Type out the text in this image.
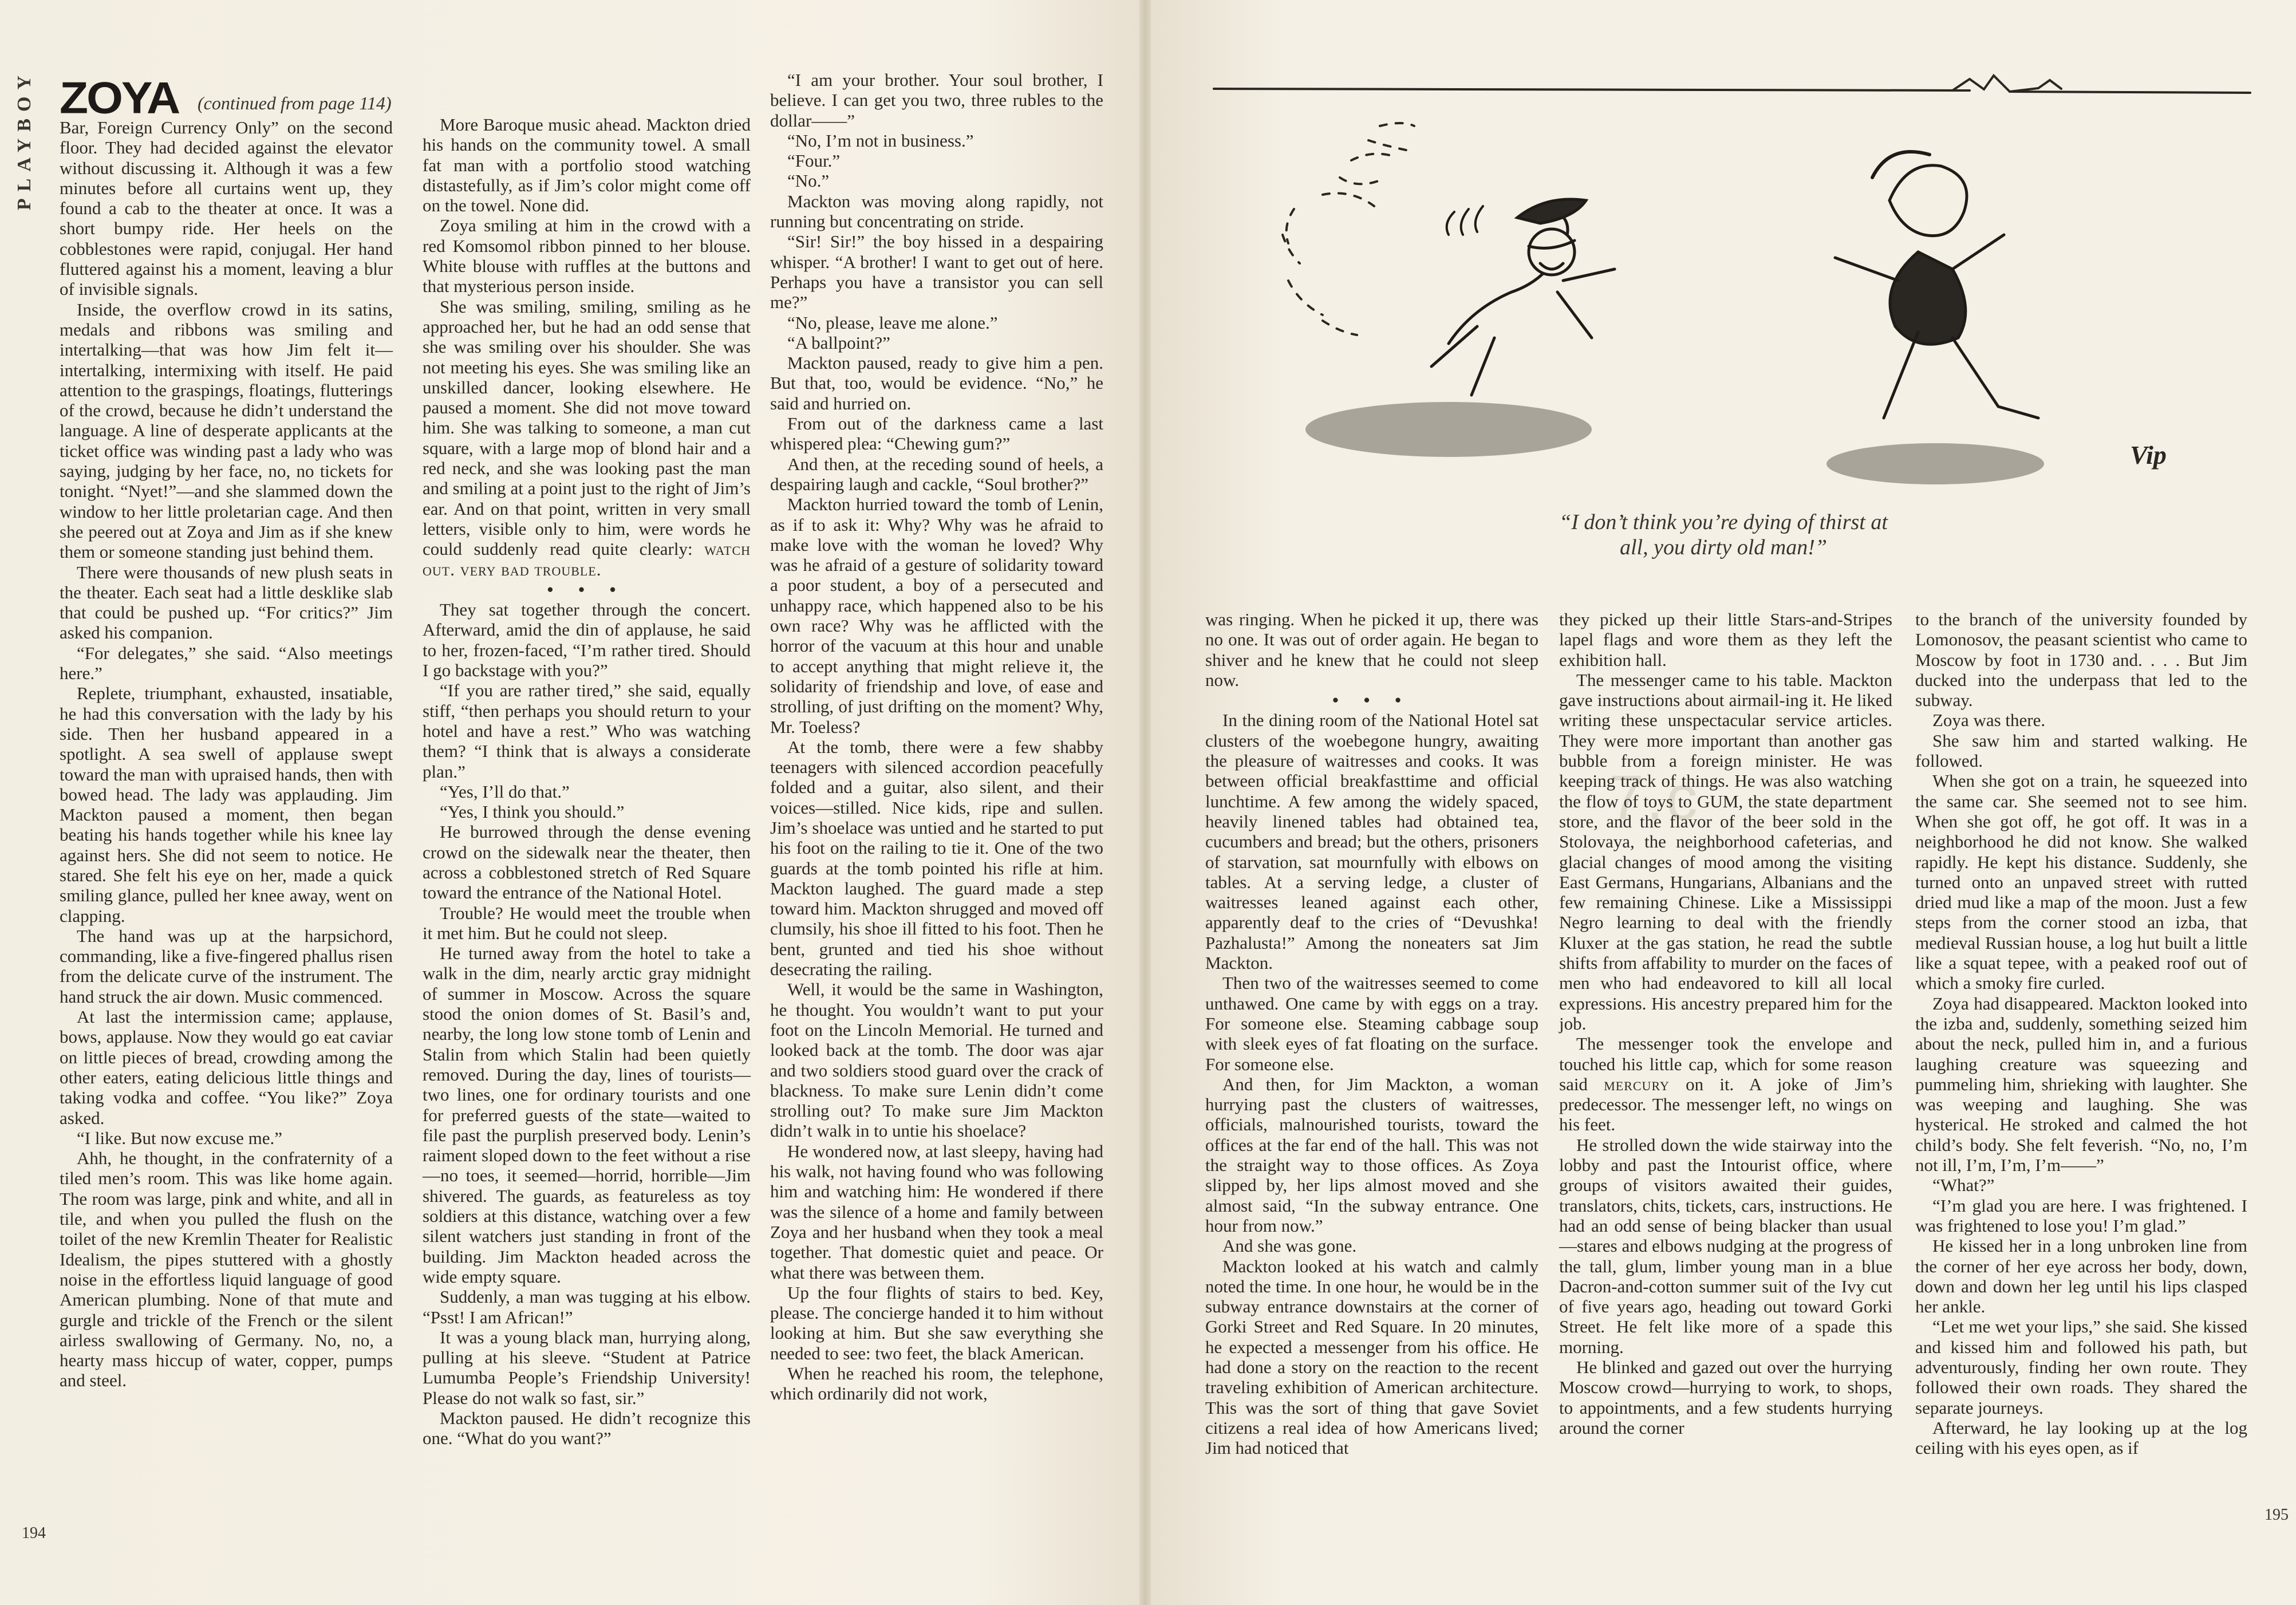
PLAYBOY ZOYA (continued from page 114)

Bar, Foreign Currency Only” on the second floor. They had decided against the elevator without discussing it. Although it was a few minutes before all curtains went up, they found a cab to the theater at once. It was a short bumpy ride. Her heels on the cobblestones were rapid, conjugal. Her hand fluttered against his a moment, leaving a blur of invisible signals.

Inside, the overflow crowd in its satins, medals and ribbons was smiling and intertalking—that was how Jim felt it—intertalking, intermixing with itself. He paid attention to the graspings, floatings, flutterings of the crowd, because he didn’t understand the language. A line of desperate applicants at the ticket office was winding past a lady who was saying, judging by her face, no, no tickets for tonight. “Nyet!”—and she slammed down the window to her little proletarian cage. And then she peered out at Zoya and Jim as if she knew them or someone standing just behind them.

There were thousands of new plush seats in the theater. Each seat had a little desklike slab that could be pushed up. “For critics?” Jim asked his companion.

“For delegates,” she said. “Also meetings here.”

Replete, triumphant, exhausted, insatiable, he had this conversation with the lady by his side. Then her husband appeared in a spotlight. A sea swell of applause swept toward the man with upraised hands, then with bowed head. The lady was applauding. Jim Mackton paused a moment, then began beating his hands together while his knee lay against hers. She did not seem to notice. He stared. She felt his eye on her, made a quick smiling glance, pulled her knee away, went on clapping.

The hand was up at the harpsichord, commanding, like a five-fingered phallus risen from the delicate curve of the instrument. The hand struck the air down. Music commenced.

At last the intermission came; applause, bows, applause. Now they would go eat caviar on little pieces of bread, crowding among the other eaters, eating delicious little things and taking vodka and coffee. “You like?” Zoya asked.

“I like. But now excuse me.”

Ahh, he thought, in the confraternity of a tiled men’s room. This was like home again. The room was large, pink and white, and all in tile, and when you pulled the flush on the toilet of the new Kremlin Theater for Realistic Idealism, the pipes stuttered with a ghostly noise in the effortless liquid language of good American plumbing. None of that mute and gurgle and trickle of the French or the silent airless swallowing of Germany. No, no, a hearty mass hiccup of water, copper, pumps and steel.

More Baroque music ahead. Mackton dried his hands on the community towel. A small fat man with a portfolio stood watching distastefully, as if Jim’s color might come off on the towel. None did.

Zoya smiling at him in the crowd with a red Komsomol ribbon pinned to her blouse. White blouse with ruffles at the buttons and that mysterious person inside.

She was smiling, smiling, smiling as he approached her, but he had an odd sense that she was smiling over his shoulder. She was not meeting his eyes. She was smiling like an unskilled dancer, looking elsewhere. He paused a moment. She did not move toward him. She was talking to someone, a man cut square, with a large mop of blond hair and a red neck, and she was looking past the man and smiling at a point just to the right of Jim’s ear. And on that point, written in very small letters, visible only to him, were words he could suddenly read quite clearly: watch out. very bad trouble.

• • •

They sat together through the concert. Afterward, amid the din of applause, he said to her, frozen-faced, “I’m rather tired. Should I go backstage with you?”

“If you are rather tired,” she said, equally stiff, “then perhaps you should return to your hotel and have a rest.” Who was watching them? “I think that is always a considerate plan.”

“Yes, I’ll do that.”

“Yes, I think you should.”

He burrowed through the dense evening crowd on the sidewalk near the theater, then across a cobblestoned stretch of Red Square toward the entrance of the National Hotel.

Trouble? He would meet the trouble when it met him. But he could not sleep.

He turned away from the hotel to take a walk in the dim, nearly arctic gray midnight of summer in Moscow. Across the square stood the onion domes of St. Basil’s and, nearby, the long low stone tomb of Lenin and Stalin from which Stalin had been quietly removed. During the day, lines of tourists—two lines, one for ordinary tourists and one for preferred guests of the state—waited to file past the purplish preserved body. Lenin’s raiment sloped down to the feet without a rise—no toes, it seemed—horrid, horrible—Jim shivered. The guards, as featureless as toy soldiers at this distance, watching over a few silent watchers just standing in front of the building. Jim Mackton headed across the wide empty square.

Suddenly, a man was tugging at his elbow. “Psst! I am African!”

It was a young black man, hurrying along, pulling at his sleeve. “Student at Patrice Lumumba People’s Friendship University! Please do not walk so fast, sir.”

Mackton paused. He didn’t recognize this one. “What do you want?”

“I am your brother. Your soul brother, I believe. I can get you two, three rubles to the dollar——”

“No, I’m not in business.”

“Four.”

“No.”

Mackton was moving along rapidly, not running but concentrating on stride.

“Sir! Sir!” the boy hissed in a despairing whisper. “A brother! I want to get out of here. Perhaps you have a transistor you can sell me?”

“No, please, leave me alone.”

“A ballpoint?”

Mackton paused, ready to give him a pen. But that, too, would be evidence. “No,” he said and hurried on.

From out of the darkness came a last whispered plea: “Chewing gum?”

And then, at the receding sound of heels, a despairing laugh and cackle, “Soul brother?”

Mackton hurried toward the tomb of Lenin, as if to ask it: Why? Why was he afraid to make love with the woman he loved? Why was he afraid of a gesture of solidarity toward a poor student, a boy of a persecuted and unhappy race, which happened also to be his own race? Why was he afflicted with the horror of the vacuum at this hour and unable to accept anything that might relieve it, the solidarity of friendship and love, of ease and strolling, of just drifting on the moment? Why, Mr. Toeless?

At the tomb, there were a few shabby teenagers with silenced accordion peacefully folded and a guitar, also silent, and their voices—stilled. Nice kids, ripe and sullen. Jim’s shoelace was untied and he started to put his foot on the railing to tie it. One of the two guards at the tomb pointed his rifle at him. Mackton laughed. The guard made a step toward him. Mackton shrugged and moved off clumsily, his shoe ill fitted to his foot. Then he bent, grunted and tied his shoe without desecrating the railing.

Well, it would be the same in Washington, he thought. You wouldn’t want to put your foot on the Lincoln Memorial. He turned and looked back at the tomb. The door was ajar and two soldiers stood guard over the crack of blackness. To make sure Lenin didn’t come strolling out? To make sure Jim Mackton didn’t walk in to untie his shoelace?

He wondered now, at last sleepy, having had his walk, not having found who was following him and watching him: He wondered if there was the silence of a home and family between Zoya and her husband when they took a meal together. That domestic quiet and peace. Or what there was between them.

Up the four flights of stairs to bed. Key, please. The concierge handed it to him without looking at him. But she saw everything she needed to see: two feet, the black American.

When he reached his room, the telephone, which ordinarily did not work,

194
195
Vip
“I don’t think you’re dying of thirst at
all, you dirty old man!”
7.c

was ringing. When he picked it up, there was no one. It was out of order again. He began to shiver and he knew that he could not sleep now.

• • •

In the dining room of the National Hotel sat clusters of the woebegone hungry, awaiting the pleasure of waitresses and cooks. It was between official breakfasttime and official lunchtime. A few among the widely spaced, heavily linened tables had obtained tea, cucumbers and bread; but the others, prisoners of starvation, sat mournfully with elbows on tables. At a serving ledge, a cluster of waitresses leaned against each other, apparently deaf to the cries of “Devushka! Pazhalusta!” Among the noneaters sat Jim Mackton.

Then two of the waitresses seemed to come unthawed. One came by with eggs on a tray. For someone else. Steaming cabbage soup with sleek eyes of fat floating on the surface. For someone else.

And then, for Jim Mackton, a woman hurrying past the clusters of waitresses, officials, malnourished tourists, toward the offices at the far end of the hall. This was not the straight way to those offices. As Zoya slipped by, her lips almost moved and she almost said, “In the subway entrance. One hour from now.”

And she was gone.

Mackton looked at his watch and calmly noted the time. In one hour, he would be in the subway entrance downstairs at the corner of Gorki Street and Red Square. In 20 minutes, he expected a messenger from his office. He had done a story on the reaction to the recent traveling exhibition of American architecture. This was the sort of thing that gave Soviet citizens a real idea of how Americans lived; Jim had noticed that

they picked up their little Stars-and-Stripes lapel flags and wore them as they left the exhibition hall.

The messenger came to his table. Mackton gave instructions about airmail-ing it. He liked writing these unspectacular service articles. They were more important than another gas bubble from a foreign minister. He was keeping track of things. He was also watching the flow of toys to GUM, the state department store, and the flavor of the beer sold in the Stolovaya, the neighborhood cafeterias, and glacial changes of mood among the visiting East Germans, Hungarians, Albanians and the few remaining Chinese. Like a Mississippi Negro learning to deal with the friendly Kluxer at the gas station, he read the subtle shifts from affability to murder on the faces of men who had endeavored to kill all local expressions. His ancestry prepared him for the job.

The messenger took the envelope and touched his little cap, which for some reason said mercury on it. A joke of Jim’s predecessor. The messenger left, no wings on his feet.

He strolled down the wide stairway into the lobby and past the Intourist office, where groups of visitors awaited their guides, translators, chits, tickets, cars, instructions. He had an odd sense of being blacker than usual—stares and elbows nudging at the progress of the tall, glum, limber young man in a blue Dacron-and-cotton summer suit of the Ivy cut of five years ago, heading out toward Gorki Street. He felt like more of a spade this morning.

He blinked and gazed out over the hurrying Moscow crowd—hurrying to work, to shops, to appointments, and a few students hurrying around the corner

to the branch of the university founded by Lomonosov, the peasant scientist who came to Moscow by foot in 1730 and. . . . But Jim ducked into the underpass that led to the subway.

Zoya was there.

She saw him and started walking. He followed.

When she got on a train, he squeezed into the same car. She seemed not to see him. When she got off, he got off. It was in a neighborhood he did not know. She walked rapidly. He kept his distance. Suddenly, she turned onto an unpaved street with rutted dried mud like a map of the moon. Just a few steps from the corner stood an izba, that medieval Russian house, a log hut built a little like a squat tepee, with a peaked roof out of which a smoky fire curled.

Zoya had disappeared. Mackton looked into the izba and, suddenly, something seized him about the neck, pulled him in, and a furious laughing creature was squeezing and pummeling him, shrieking with laughter. She was weeping and laughing. She was hysterical. He stroked and calmed the hot child’s body. She felt feverish. “No, no, I’m not ill, I’m, I’m, I’m——”

“What?”

“I’m glad you are here. I was frightened. I was frightened to lose you! I’m glad.”

He kissed her in a long unbroken line from the corner of her eye across her body, down, down and down her leg until his lips clasped her ankle.

“Let me wet your lips,” she said. She kissed and kissed him and followed his path, but adventurously, finding her own route. They followed their own roads. They shared the separate journeys.

Afterward, he lay looking up at the log ceiling with his eyes open, as if
